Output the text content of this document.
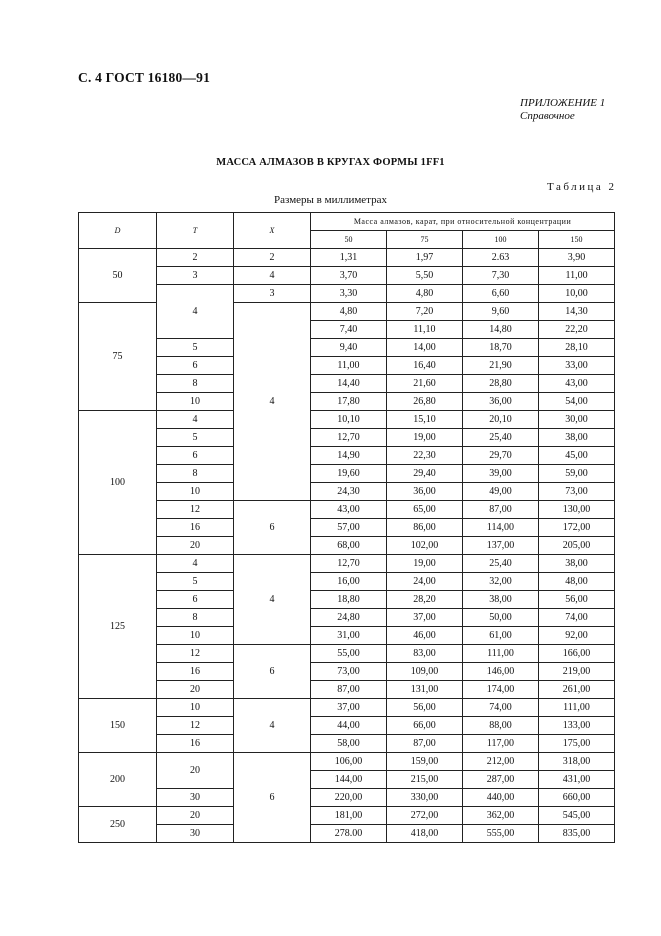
С. 4 ГОСТ 16180—91
ПРИЛОЖЕНИЕ 1
Справочное
МАССА АЛМАЗОВ В КРУГАХ ФОРМЫ 1FF1
Таблица 2
Размеры в миллиметрах
D	T	X	Масса алмазов, карат, при относительной концентрации			
			50	75	100	150
50	2	2	1,31	1,97	2.63	3,90
	3	4	3,70	5,50	7,30	11,00
	4	3	3,30	4,80	6,60	10,00
75		4	4,80	7,20	9,60	14,30
			7,40	11,10	14,80	22,20
	5		9,40	14,00	18,70	28,10
	6		11,00	16,40	21,90	33,00
	8		14,40	21,60	28,80	43,00
	10		17,80	26,80	36,00	54,00
100	4		10,10	15,10	20,10	30,00
	5		12,70	19,00	25,40	38,00
	6		14,90	22,30	29,70	45,00
	8		19,60	29,40	39,00	59,00
	10		24,30	36,00	49,00	73,00
	12	6	43,00	65,00	87,00	130,00
	16		57,00	86,00	114,00	172,00
	20		68,00	102,00	137,00	205,00
125	4	4	12,70	19,00	25,40	38,00
	5		16,00	24,00	32,00	48,00
	6		18,80	28,20	38,00	56,00
	8		24,80	37,00	50,00	74,00
	10		31,00	46,00	61,00	92,00
	12	6	55,00	83,00	111,00	166,00
	16		73,00	109,00	146,00	219,00
	20		87,00	131,00	174,00	261,00
150	10	4	37,00	56,00	74,00	111,00
	12		44,00	66,00	88,00	133,00
	16		58,00	87,00	117,00	175,00
200	20	6	106,00	159,00	212,00	318,00
			144,00	215,00	287,00	431,00
	30		220,00	330,00	440,00	660,00
250	20		181,00	272,00	362,00	545,00
	30		278.00	418,00	555,00	835,00
